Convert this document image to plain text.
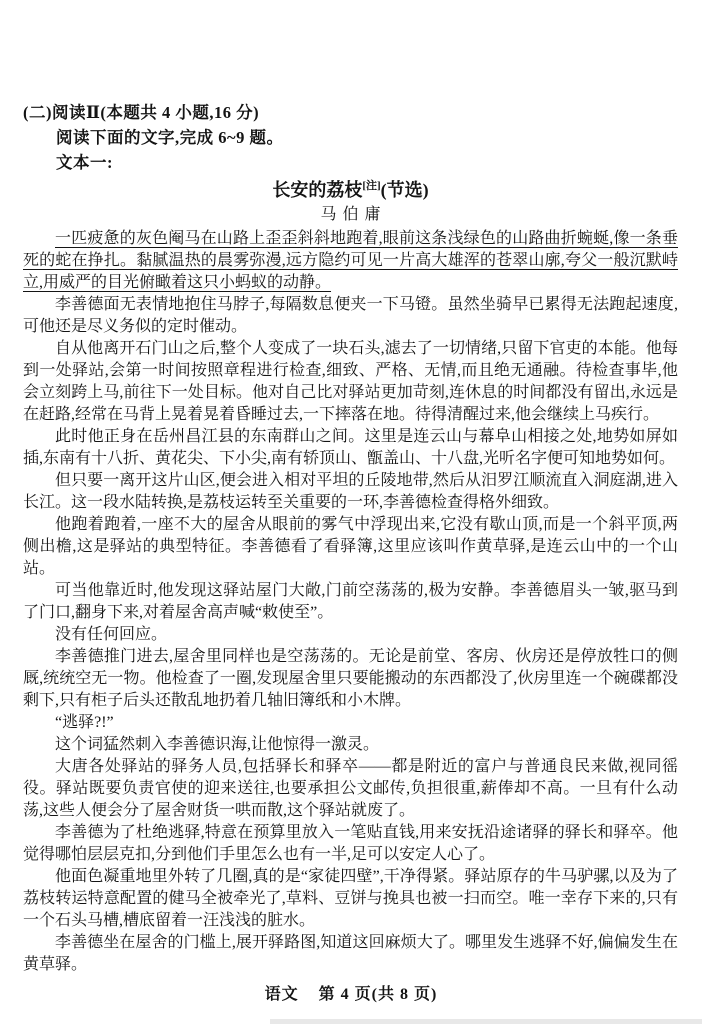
(二)阅读Ⅱ(本题共 4 小题,16 分)
阅读下面的文字,完成 6~9 题。
文本一:
长安的荔枝[注](节选)
马伯庸

一匹疲惫的灰色阉马在山路上歪歪斜斜地跑着,眼前这条浅绿色的山路曲折蜿蜒,像一条垂死的蛇在挣扎。黏腻温热的晨雾弥漫,远方隐约可见一片高大雄浑的苍翠山廓,夸父一般沉默峙立,用威严的目光俯瞰着这只小蚂蚁的动静。

李善德面无表情地抱住马脖子,每隔数息便夹一下马镫。虽然坐骑早已累得无法跑起速度,可他还是尽义务似的定时催动。

自从他离开石门山之后,整个人变成了一块石头,滤去了一切情绪,只留下官吏的本能。他每到一处驿站,会第一时间按照章程进行检查,细致、严格、无情,而且绝无通融。待检查事毕,他会立刻跨上马,前往下一处目标。他对自己比对驿站更加苛刻,连休息的时间都没有留出,永远是在赶路,经常在马背上晃着晃着昏睡过去,一下摔落在地。待得清醒过来,他会继续上马疾行。

此时他正身在岳州昌江县的东南群山之间。这里是连云山与幕阜山相接之处,地势如屏如插,东南有十八折、黄花尖、下小尖,南有轿顶山、甑盖山、十八盘,光听名字便可知地势如何。

但只要一离开这片山区,便会进入相对平坦的丘陵地带,然后从汨罗江顺流直入洞庭湖,进入长江。这一段水陆转换,是荔枝运转至关重要的一环,李善德检查得格外细致。

他跑着跑着,一座不大的屋舍从眼前的雾气中浮现出来,它没有歇山顶,而是一个斜平顶,两侧出檐,这是驿站的典型特征。李善德看了看驿簿,这里应该叫作黄草驿,是连云山中的一个山站。

可当他靠近时,他发现这驿站屋门大敞,门前空荡荡的,极为安静。李善德眉头一皱,驱马到了门口,翻身下来,对着屋舍高声喊“敕使至”。

没有任何回应。

李善德推门进去,屋舍里同样也是空荡荡的。无论是前堂、客房、伙房还是停放牲口的侧厩,统统空无一物。他检查了一圈,发现屋舍里只要能搬动的东西都没了,伙房里连一个碗碟都没剩下,只有柜子后头还散乱地扔着几轴旧簿纸和小木牌。

“逃驿?!”

这个词猛然刺入李善德识海,让他惊得一激灵。

大唐各处驿站的驿务人员,包括驿长和驿卒——都是附近的富户与普通良民来做,视同徭役。驿站既要负责官使的迎来送往,也要承担公文邮传,负担很重,薪俸却不高。一旦有什么动荡,这些人便会分了屋舍财货一哄而散,这个驿站就废了。

李善德为了杜绝逃驿,特意在预算里放入一笔贴直钱,用来安抚沿途诸驿的驿长和驿卒。他觉得哪怕层层克扣,分到他们手里怎么也有一半,足可以安定人心了。

他面色凝重地里外转了几圈,真的是“家徒四壁”,干净得紧。驿站原存的牛马驴骡,以及为了荔枝转运特意配置的健马全被牵光了,草料、豆饼与挽具也被一扫而空。唯一幸存下来的,只有一个石头马槽,槽底留着一汪浅浅的脏水。

李善德坐在屋舍的门槛上,展开驿路图,知道这回麻烦大了。哪里发生逃驿不好,偏偏发生在黄草驿。

语文 第 4 页(共 8 页)
